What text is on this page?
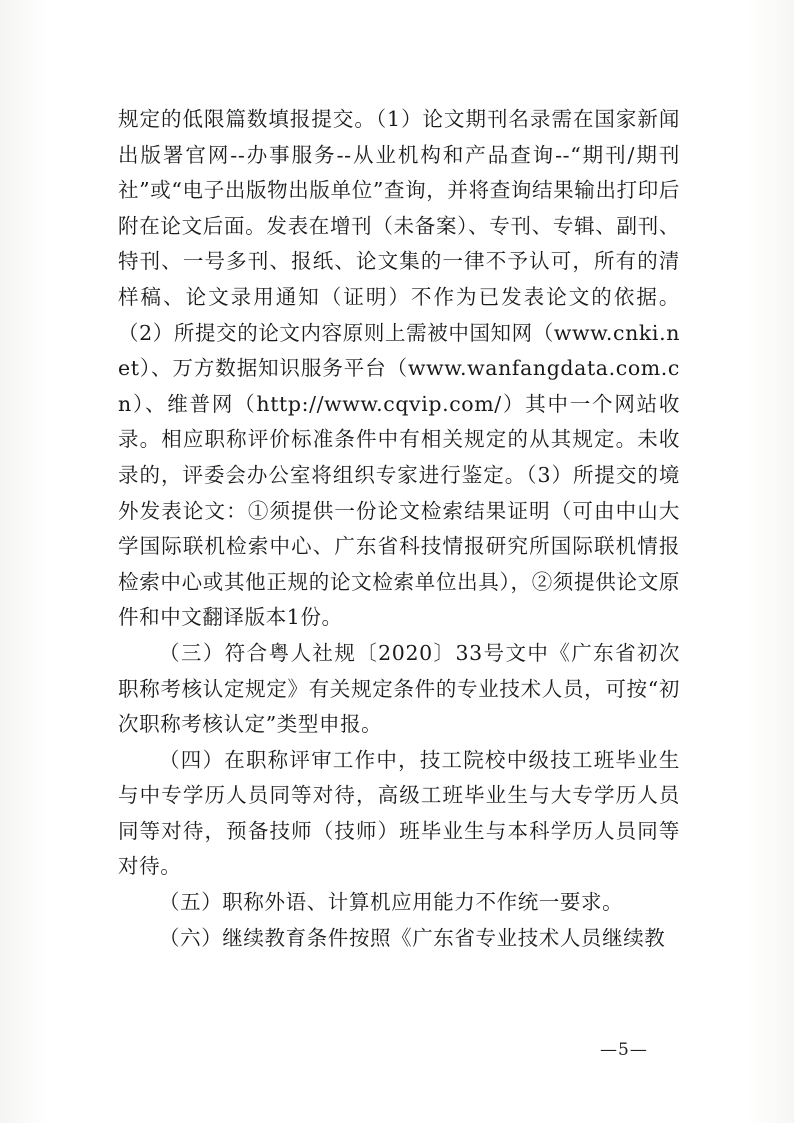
规定的低限篇数填报提交。（1）论文期刊名录需在国家新闻出版署官网--办事服务--从业机构和产品查询--“期刊/期刊社”或“电子出版物出版单位”查询，并将查询结果输出打印后附在论文后面。发表在增刊（未备案）、专刊、专辑、副刊、特刊、一号多刊、报纸、论文集的一律不予认可，所有的清样稿、论文录用通知（证明）不作为已发表论文的依据。（2）所提交的论文内容原则上需被中国知网（www.cnki.net）、万方数据知识服务平台（www.wanfangdata.com.cn）、维普网（http://www.cqvip.com/）其中一个网站收录。相应职称评价标准条件中有相关规定的从其规定。未收录的，评委会办公室将组织专家进行鉴定。（3）所提交的境外发表论文：①须提供一份论文检索结果证明（可由中山大学国际联机检索中心、广东省科技情报研究所国际联机情报检索中心或其他正规的论文检索单位出具），②须提供论文原件和中文翻译版本1份。

（三）符合粤人社规〔2020〕33号文中《广东省初次职称考核认定规定》有关规定条件的专业技术人员，可按“初次职称考核认定”类型申报。

（四）在职称评审工作中，技工院校中级技工班毕业生与中专学历人员同等对待，高级工班毕业生与大专学历人员同等对待，预备技师（技师）班毕业生与本科学历人员同等对待。

（五）职称外语、计算机应用能力不作统一要求。

（六）继续教育条件按照《广东省专业技术人员继续教

—5—
